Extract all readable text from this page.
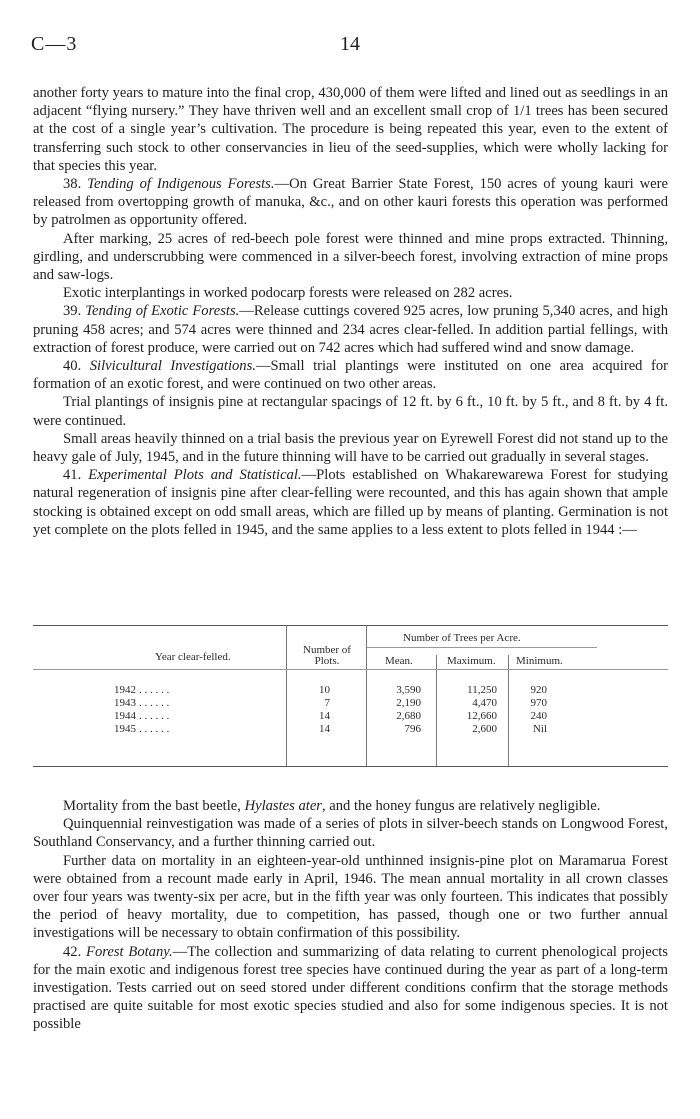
C—3	14

another forty years to mature into the final crop, 430,000 of them were lifted and lined out as seedlings in an adjacent “flying nursery.” They have thriven well and an excellent small crop of 1/1 trees has been secured at the cost of a single year’s cultivation. The procedure is being repeated this year, even to the extent of transferring such stock to other conservancies in lieu of the seed-supplies, which were wholly lacking for that species this year.

38. Tending of Indigenous Forests.—On Great Barrier State Forest, 150 acres of young kauri were released from overtopping growth of manuka, &c., and on other kauri forests this operation was performed by patrolmen as opportunity offered.

After marking, 25 acres of red-beech pole forest were thinned and mine props extracted. Thinning, girdling, and underscrubbing were commenced in a silver-beech forest, involving extraction of mine props and saw-logs.

Exotic interplantings in worked podocarp forests were released on 282 acres.

39. Tending of Exotic Forests.—Release cuttings covered 925 acres, low pruning 5,340 acres, and high pruning 458 acres; and 574 acres were thinned and 234 acres clear-felled. In addition partial fellings, with extraction of forest produce, were carried out on 742 acres which had suffered wind and snow damage.

40. Silvicultural Investigations.—Small trial plantings were instituted on one area acquired for formation of an exotic forest, and were continued on two other areas.

Trial plantings of insignis pine at rectangular spacings of 12 ft. by 6 ft., 10 ft. by 5 ft., and 8 ft. by 4 ft. were continued.

Small areas heavily thinned on a trial basis the previous year on Eyrewell Forest did not stand up to the heavy gale of July, 1945, and in the future thinning will have to be carried out gradually in several stages.

41. Experimental Plots and Statistical.—Plots established on Whakarewarewa Forest for studying natural regeneration of insignis pine after clear-felling were recounted, and this has again shown that ample stocking is obtained except on odd small areas, which are filled up by means of planting. Germination is not yet complete on the plots felled in 1945, and the same applies to a less extent to plots felled in 1944 :—

Year clear-felled.
Number of Plots.
Number of Trees per Acre.
Mean.	Maximum. Minimum.
1942 . . . . . .	10	3,590	11,250	920
1943 . . . . . .	7	2,190	4,470	970
1944 . . . . . .	14	2,680	12,660	240
1945 . . . . . .	14	796	2,600	Nil

Mortality from the bast beetle, Hylastes ater, and the honey fungus are relatively negligible.

Quinquennial reinvestigation was made of a series of plots in silver-beech stands on Longwood Forest, Southland Conservancy, and a further thinning carried out.

Further data on mortality in an eighteen-year-old unthinned insignis-pine plot on Maramarua Forest were obtained from a recount made early in April, 1946. The mean annual mortality in all crown classes over four years was twenty-six per acre, but in the fifth year was only fourteen. This indicates that possibly the period of heavy mortality, due to competition, has passed, though one or two further annual investigations will be necessary to obtain confirmation of this possibility.

42. Forest Botany.—The collection and summarizing of data relating to current phenological projects for the main exotic and indigenous forest tree species have continued during the year as part of a long-term investigation. Tests carried out on seed stored under different conditions confirm that the storage methods practised are quite suitable for most exotic species studied and also for some indigenous species. It is not possible
